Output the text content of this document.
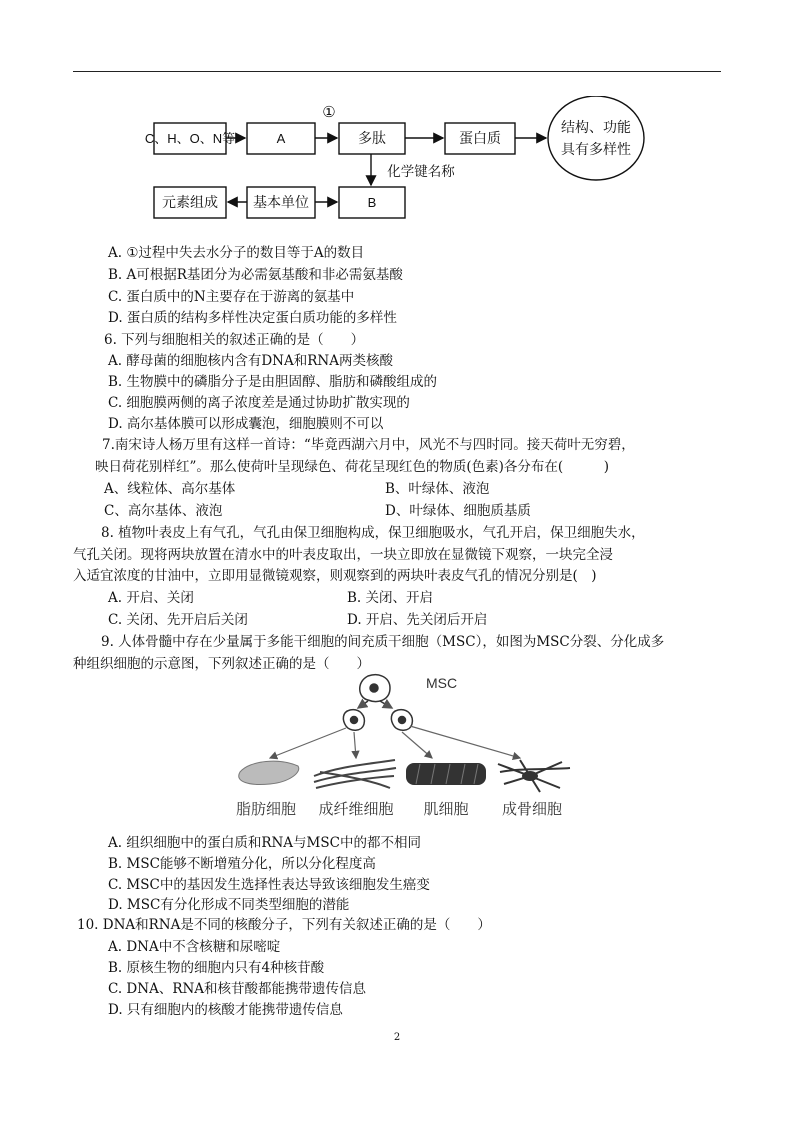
C、H、O、N等	A
①
多肽	蛋白质
结构、功能
具有多样性
元素组成	基本单位	B
化学键名称
A. ①过程中失去水分子的数目等于A的数目
B. A可根据R基团分为必需氨基酸和非必需氨基酸
C. 蛋白质中的N主要存在于游离的氨基中
D. 蛋白质的结构多样性决定蛋白质功能的多样性
6. 下列与细胞相关的叙述正确的是（　　）
A. 酵母菌的细胞核内含有DNA和RNA两类核酸
B. 生物膜中的磷脂分子是由胆固醇、脂肪和磷酸组成的
C. 细胞膜两侧的离子浓度差是通过协助扩散实现的
D. 高尔基体膜可以形成囊泡，细胞膜则不可以
7.南宋诗人杨万里有这样一首诗：“毕竟西湖六月中，风光不与四时同。接天荷叶无穷碧，
映日荷花别样红”。那么使荷叶呈现绿色、荷花呈现红色的物质(色素)各分布在(　　　)
A、线粒体、高尔基体	B、叶绿体、液泡
C、高尔基体、液泡	D、叶绿体、细胞质基质
8. 植物叶表皮上有气孔，气孔由保卫细胞构成，保卫细胞吸水，气孔开启，保卫细胞失水，
气孔关闭。现将两块放置在清水中的叶表皮取出，一块立即放在显微镜下观察，一块完全浸
入适宜浓度的甘油中，立即用显微镜观察，则观察到的两块叶表皮气孔的情况分别是(　)
A. 开启、关闭	B. 关闭、开启
C. 关闭、先开启后关闭	D. 开启、先关闭后开启
9. 人体骨髓中存在少量属于多能干细胞的间充质干细胞（MSC），如图为MSC分裂、分化成多
种组织细胞的示意图，下列叙述正确的是（　　）
MSC
脂肪细胞 成纤维细胞 肌细胞 成骨细胞
A. 组织细胞中的蛋白质和RNA与MSC中的都不相同
B. MSC能够不断增殖分化，所以分化程度高
C. MSC中的基因发生选择性表达导致该细胞发生癌变
D. MSC有分化形成不同类型细胞的潜能
10. DNA和RNA是不同的核酸分子，下列有关叙述正确的是（　　）
A. DNA中不含核糖和尿嘧啶
B. 原核生物的细胞内只有4种核苷酸
C. DNA、RNA和核苷酸都能携带遗传信息
D. 只有细胞内的核酸才能携带遗传信息
2
